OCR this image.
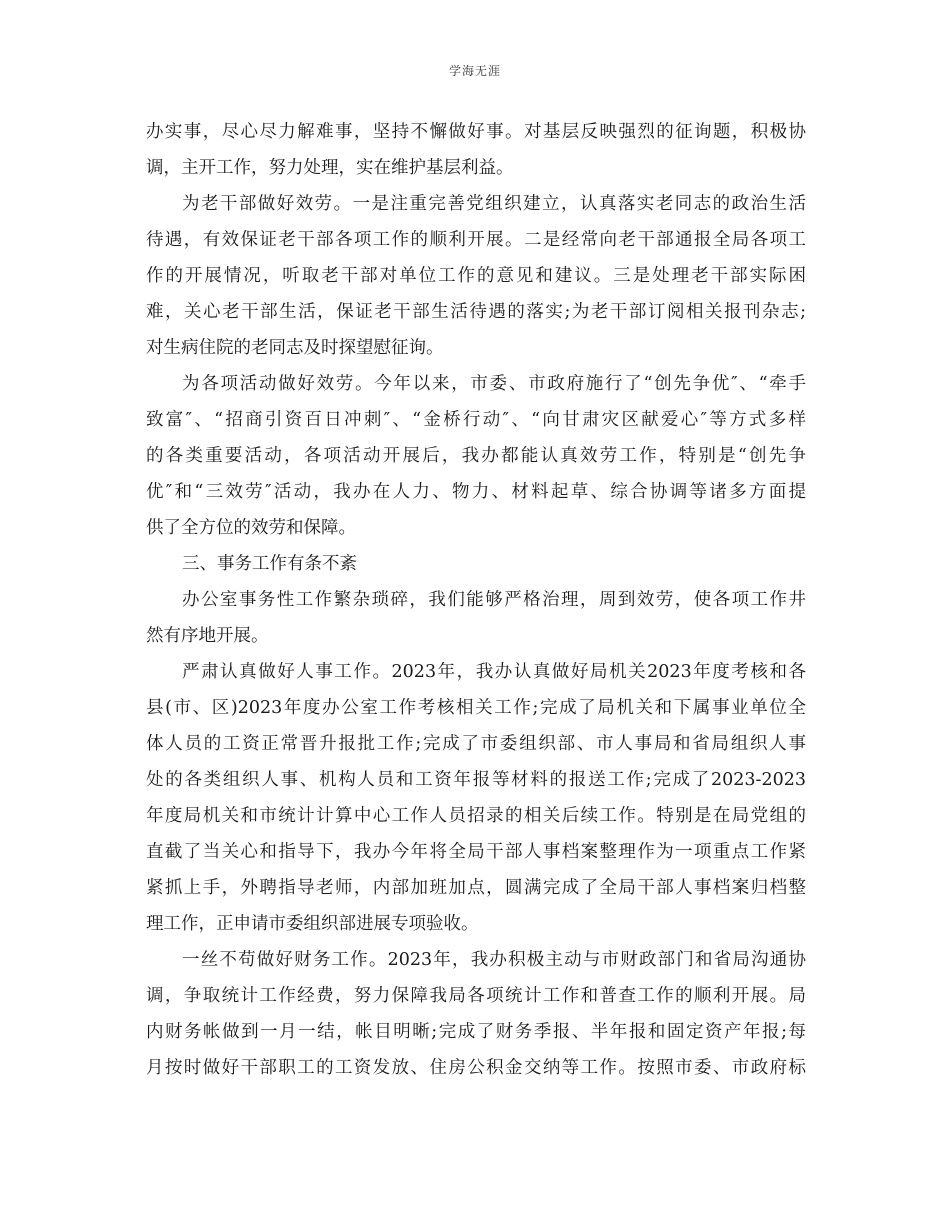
学海无涯
办实事，尽心尽力解难事，坚持不懈做好事。对基层反映强烈的征询题，积极协
调，主开工作，努力处理，实在维护基层利益。
为老干部做好效劳。一是注重完善党组织建立，认真落实老同志的政治生活
待遇，有效保证老干部各项工作的顺利开展。二是经常向老干部通报全局各项工
作的开展情况，听取老干部对单位工作的意见和建议。三是处理老干部实际困
难，关心老干部生活，保证老干部生活待遇的落实;为老干部订阅相关报刊杂志;
对生病住院的老同志及时探望慰征询。
为各项活动做好效劳。今年以来，市委、市政府施行了“创先争优″、“牵手
致富″、“招商引资百日冲刺″、“金桥行动″、“向甘肃灾区献爱心″等方式多样
的各类重要活动，各项活动开展后，我办都能认真效劳工作，特别是“创先争
优″和“三效劳″活动，我办在人力、物力、材料起草、综合协调等诸多方面提
供了全方位的效劳和保障。
三、事务工作有条不紊
办公室事务性工作繁杂琐碎，我们能够严格治理，周到效劳，使各项工作井
然有序地开展。
严肃认真做好人事工作。2023年，我办认真做好局机关2023年度考核和各
县(市、区)2023年度办公室工作考核相关工作;完成了局机关和下属事业单位全
体人员的工资正常晋升报批工作;完成了市委组织部、市人事局和省局组织人事
处的各类组织人事、机构人员和工资年报等材料的报送工作;完成了2023-2023
年度局机关和市统计计算中心工作人员招录的相关后续工作。特别是在局党组的
直截了当关心和指导下，我办今年将全局干部人事档案整理作为一项重点工作紧
紧抓上手，外聘指导老师，内部加班加点，圆满完成了全局干部人事档案归档整
理工作，正申请市委组织部进展专项验收。
一丝不苟做好财务工作。2023年，我办积极主动与市财政部门和省局沟通协
调，争取统计工作经费，努力保障我局各项统计工作和普查工作的顺利开展。局
内财务帐做到一月一结，帐目明晰;完成了财务季报、半年报和固定资产年报;每
月按时做好干部职工的工资发放、住房公积金交纳等工作。按照市委、市政府标
